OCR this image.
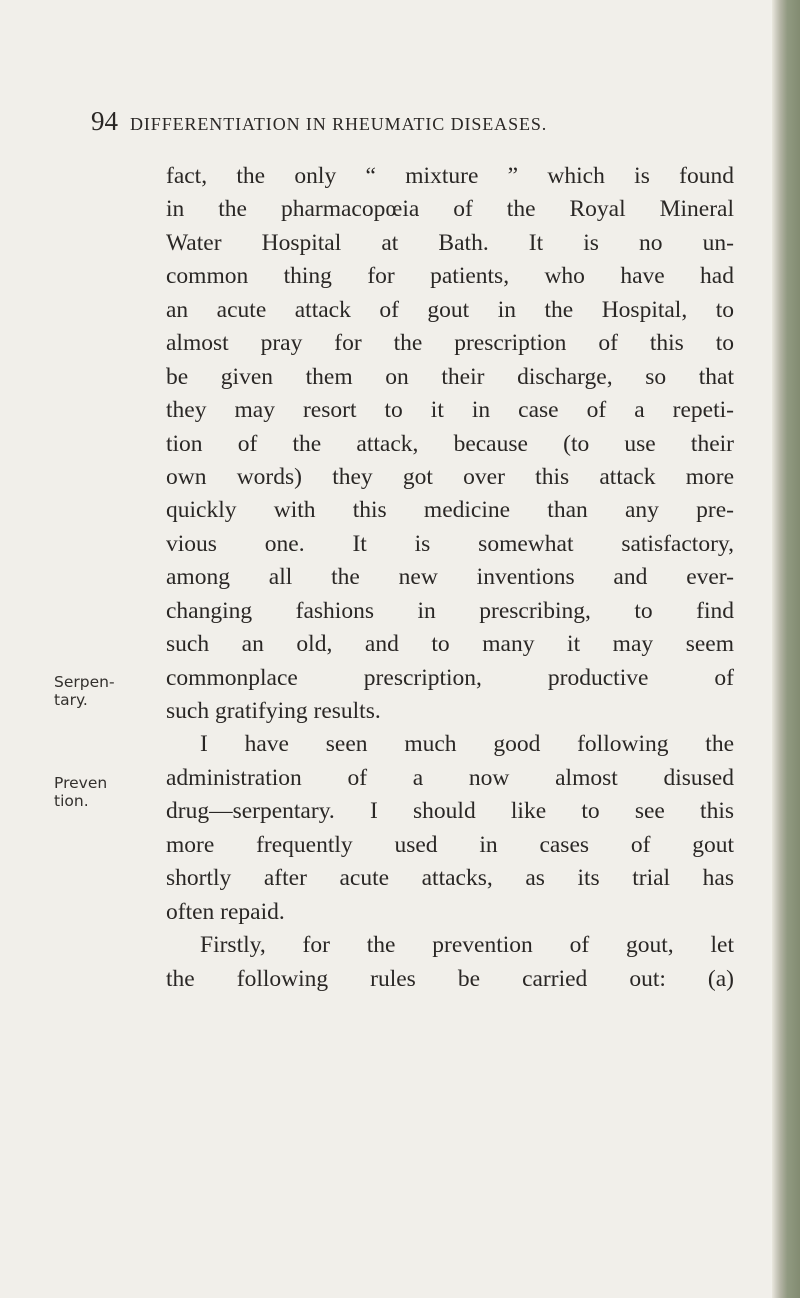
94 DIFFERENTIATION IN RHEUMATIC DISEASES.
Serpen-
tary.
Preven
tion.
fact, the only “ mixture ” which is found
in the pharmacopœia of the Royal Mineral
Water Hospital at Bath. It is no un-
common thing for patients, who have had
an acute attack of gout in the Hospital, to
almost pray for the prescription of this to
be given them on their discharge, so that
they may resort to it in case of a repeti-
tion of the attack, because (to use their
own words) they got over this attack more
quickly with this medicine than any pre-
vious one. It is somewhat satisfactory,
among all the new inventions and ever-
changing fashions in prescribing, to find
such an old, and to many it may seem
commonplace prescription, productive of
such gratifying results.
I have seen much good following the
administration of a now almost disused
drug—serpentary. I should like to see this
more frequently used in cases of gout
shortly after acute attacks, as its trial has
often repaid.
Firstly, for the prevention of gout, let
the following rules be carried out: (a)
